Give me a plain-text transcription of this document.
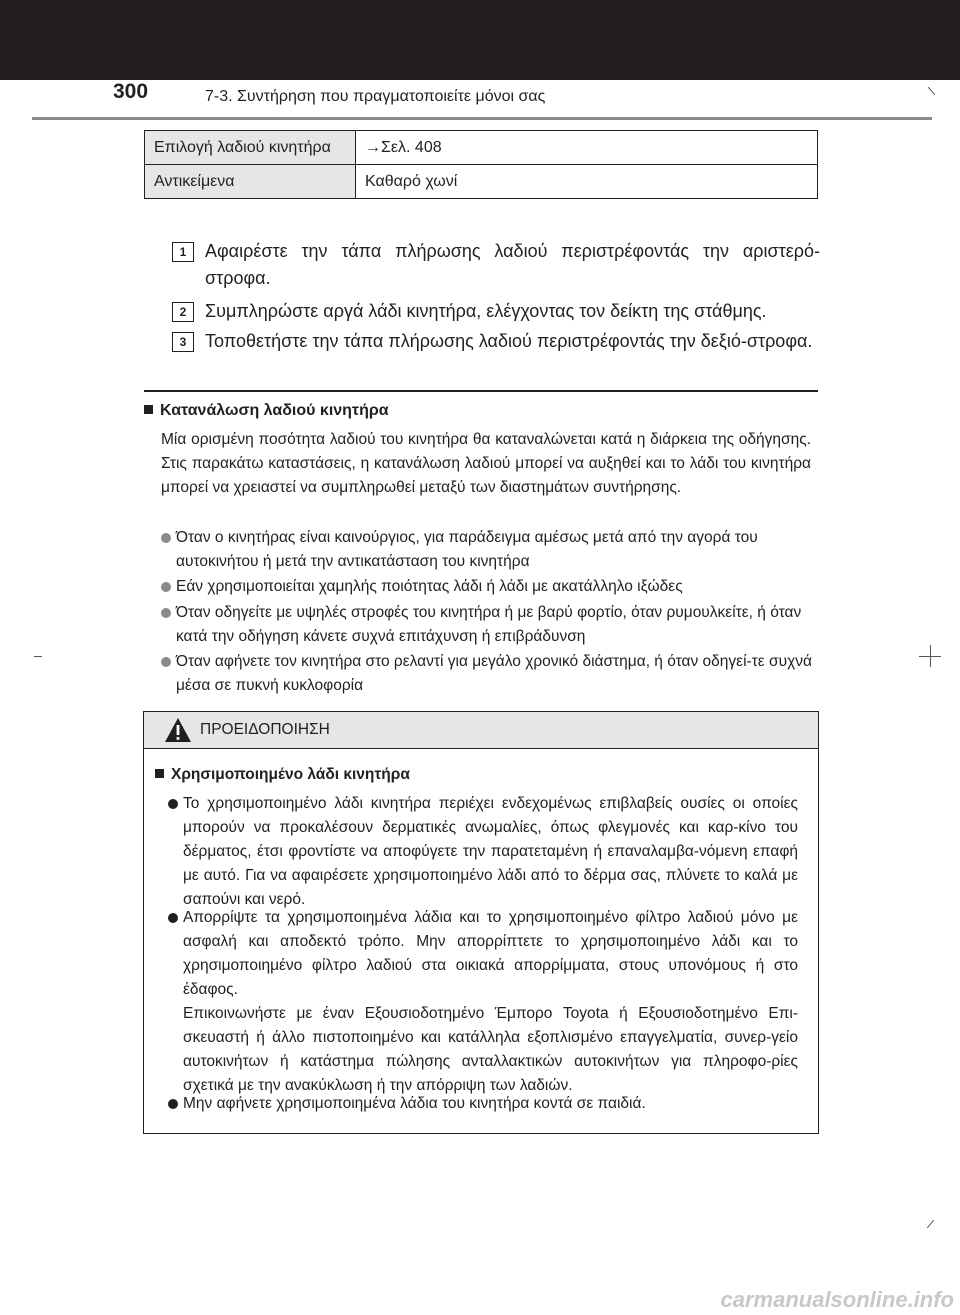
300	7-3. Συντήρηση που πραγματοποιείτε μόνοι σας
Επιλογή λαδιού κινητήρα	→Σελ. 408
Αντικείμενα	Καθαρό χωνί
1	Αφαιρέστε την τάπα πλήρωσης λαδιού περιστρέφοντάς την αριστερό-στροφα.
2	Συμπληρώστε αργά λάδι κινητήρα, ελέγχοντας τον δείκτη της στάθμης.
3	Τοποθετήστε την τάπα πλήρωσης λαδιού περιστρέφοντάς την δεξιό-στροφα.
Κατανάλωση λαδιού κινητήρα
Μία ορισμένη ποσότητα λαδιού του κινητήρα θα καταναλώνεται κατά η διάρκεια της οδήγησης. Στις παρακάτω καταστάσεις, η κατανάλωση λαδιού μπορεί να αυξηθεί και το λάδι του κινητήρα μπορεί να χρειαστεί να συμπληρωθεί μεταξύ των διαστημάτων συντήρησης.
Όταν ο κινητήρας είναι καινούργιος, για παράδειγμα αμέσως μετά από την αγορά του αυτοκινήτου ή μετά την αντικατάσταση του κινητήρα
Εάν χρησιμοποιείται χαμηλής ποιότητας λάδι ή λάδι με ακατάλληλο ιξώδες
Όταν οδηγείτε με υψηλές στροφές του κινητήρα ή με βαρύ φορτίο, όταν ρυμουλκείτε, ή όταν κατά την οδήγηση κάνετε συχνά επιτάχυνση ή επιβράδυνση
Όταν αφήνετε τον κινητήρα στο ρελαντί για μεγάλο χρονικό διάστημα, ή όταν οδηγεί-τε συχνά μέσα σε πυκνή κυκλοφορία
ΠΡΟΕΙΔΟΠΟΙΗΣΗ
Χρησιμοποιημένο λάδι κινητήρα
Το χρησιμοποιημένο λάδι κινητήρα περιέχει ενδεχομένως επιβλαβείς ουσίες οι οποίες μπορούν να προκαλέσουν δερματικές ανωμαλίες, όπως φλεγμονές και καρ-κίνο του δέρματος, έτσι φροντίστε να αποφύγετε την παρατεταμένη ή επαναλαμβα-νόμενη επαφή με αυτό. Για να αφαιρέσετε χρησιμοποιημένο λάδι από το δέρμα σας, πλύνετε το καλά με σαπούνι και νερό.
Απορρίψτε τα χρησιμοποιημένα λάδια και το χρησιμοποιημένο φίλτρο λαδιού μόνο με ασφαλή και αποδεκτό τρόπο. Μην απορρίπτετε το χρησιμοποιημένο λάδι και το χρησιμοποιημένο φίλτρο λαδιού στα οικιακά απορρίμματα, στους υπονόμους ή στο έδαφος.
Επικοινωνήστε με έναν Εξουσιοδοτημένο Έμπορο Toyota ή Εξουσιοδοτημένο Επι-σκευαστή ή άλλο πιστοποιημένο και κατάλληλα εξοπλισμένο επαγγελματία, συνερ-γείο αυτοκινήτων ή κατάστημα πώλησης ανταλλακτικών αυτοκινήτων για πληροφο-ρίες σχετικά με την ανακύκλωση ή την απόρριψη των λαδιών.
Μην αφήνετε χρησιμοποιημένα λάδια του κινητήρα κοντά σε παιδιά.
carmanualsonline.info
